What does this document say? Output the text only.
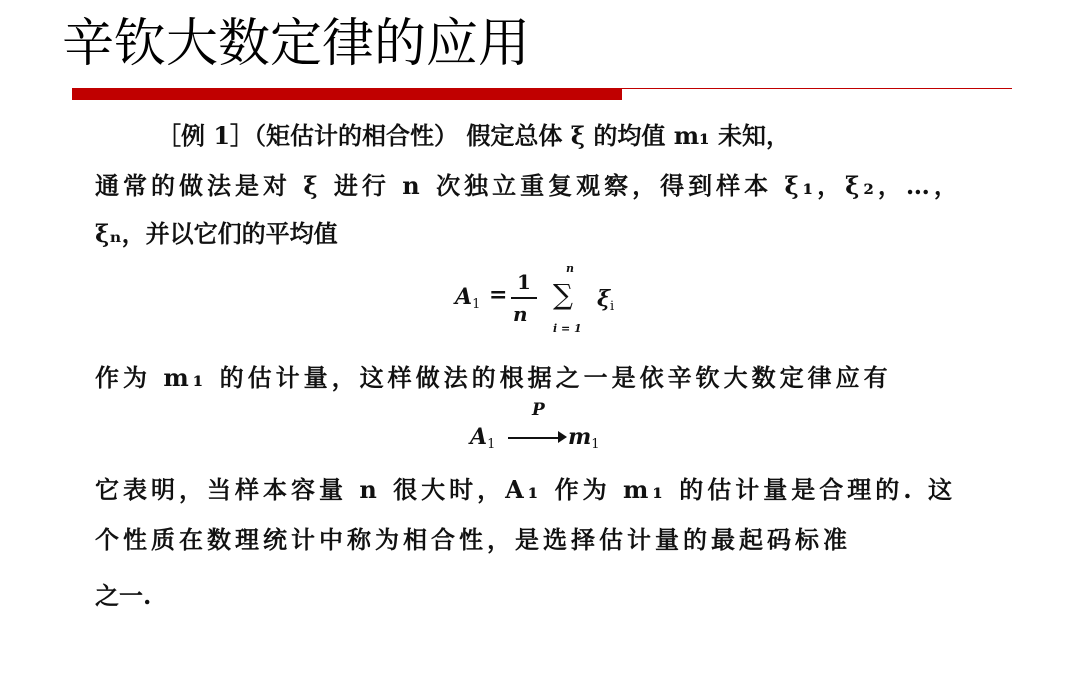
辛钦大数定律的应用
［例 1］（矩估计的相合性） 假定总体 ξ 的均值 m₁ 未知，
通常的做法是对 ξ 进行 n 次独立重复观察，得到样本 ξ₁，ξ₂，…，
ξₙ，并以它们的平均值
作为 m₁ 的估计量，这样做法的根据之一是依辛钦大数定律应有
它表明，当样本容量 n 很大时，A₁ 作为 m₁ 的估计量是合理的. 这
个性质在数理统计中称为相合性，是选择估计量的最起码标准
之一.
$A_1 = 1$
n
n
∑
i = 1
$\xi_i$
$A_1$
P
$m_1$
